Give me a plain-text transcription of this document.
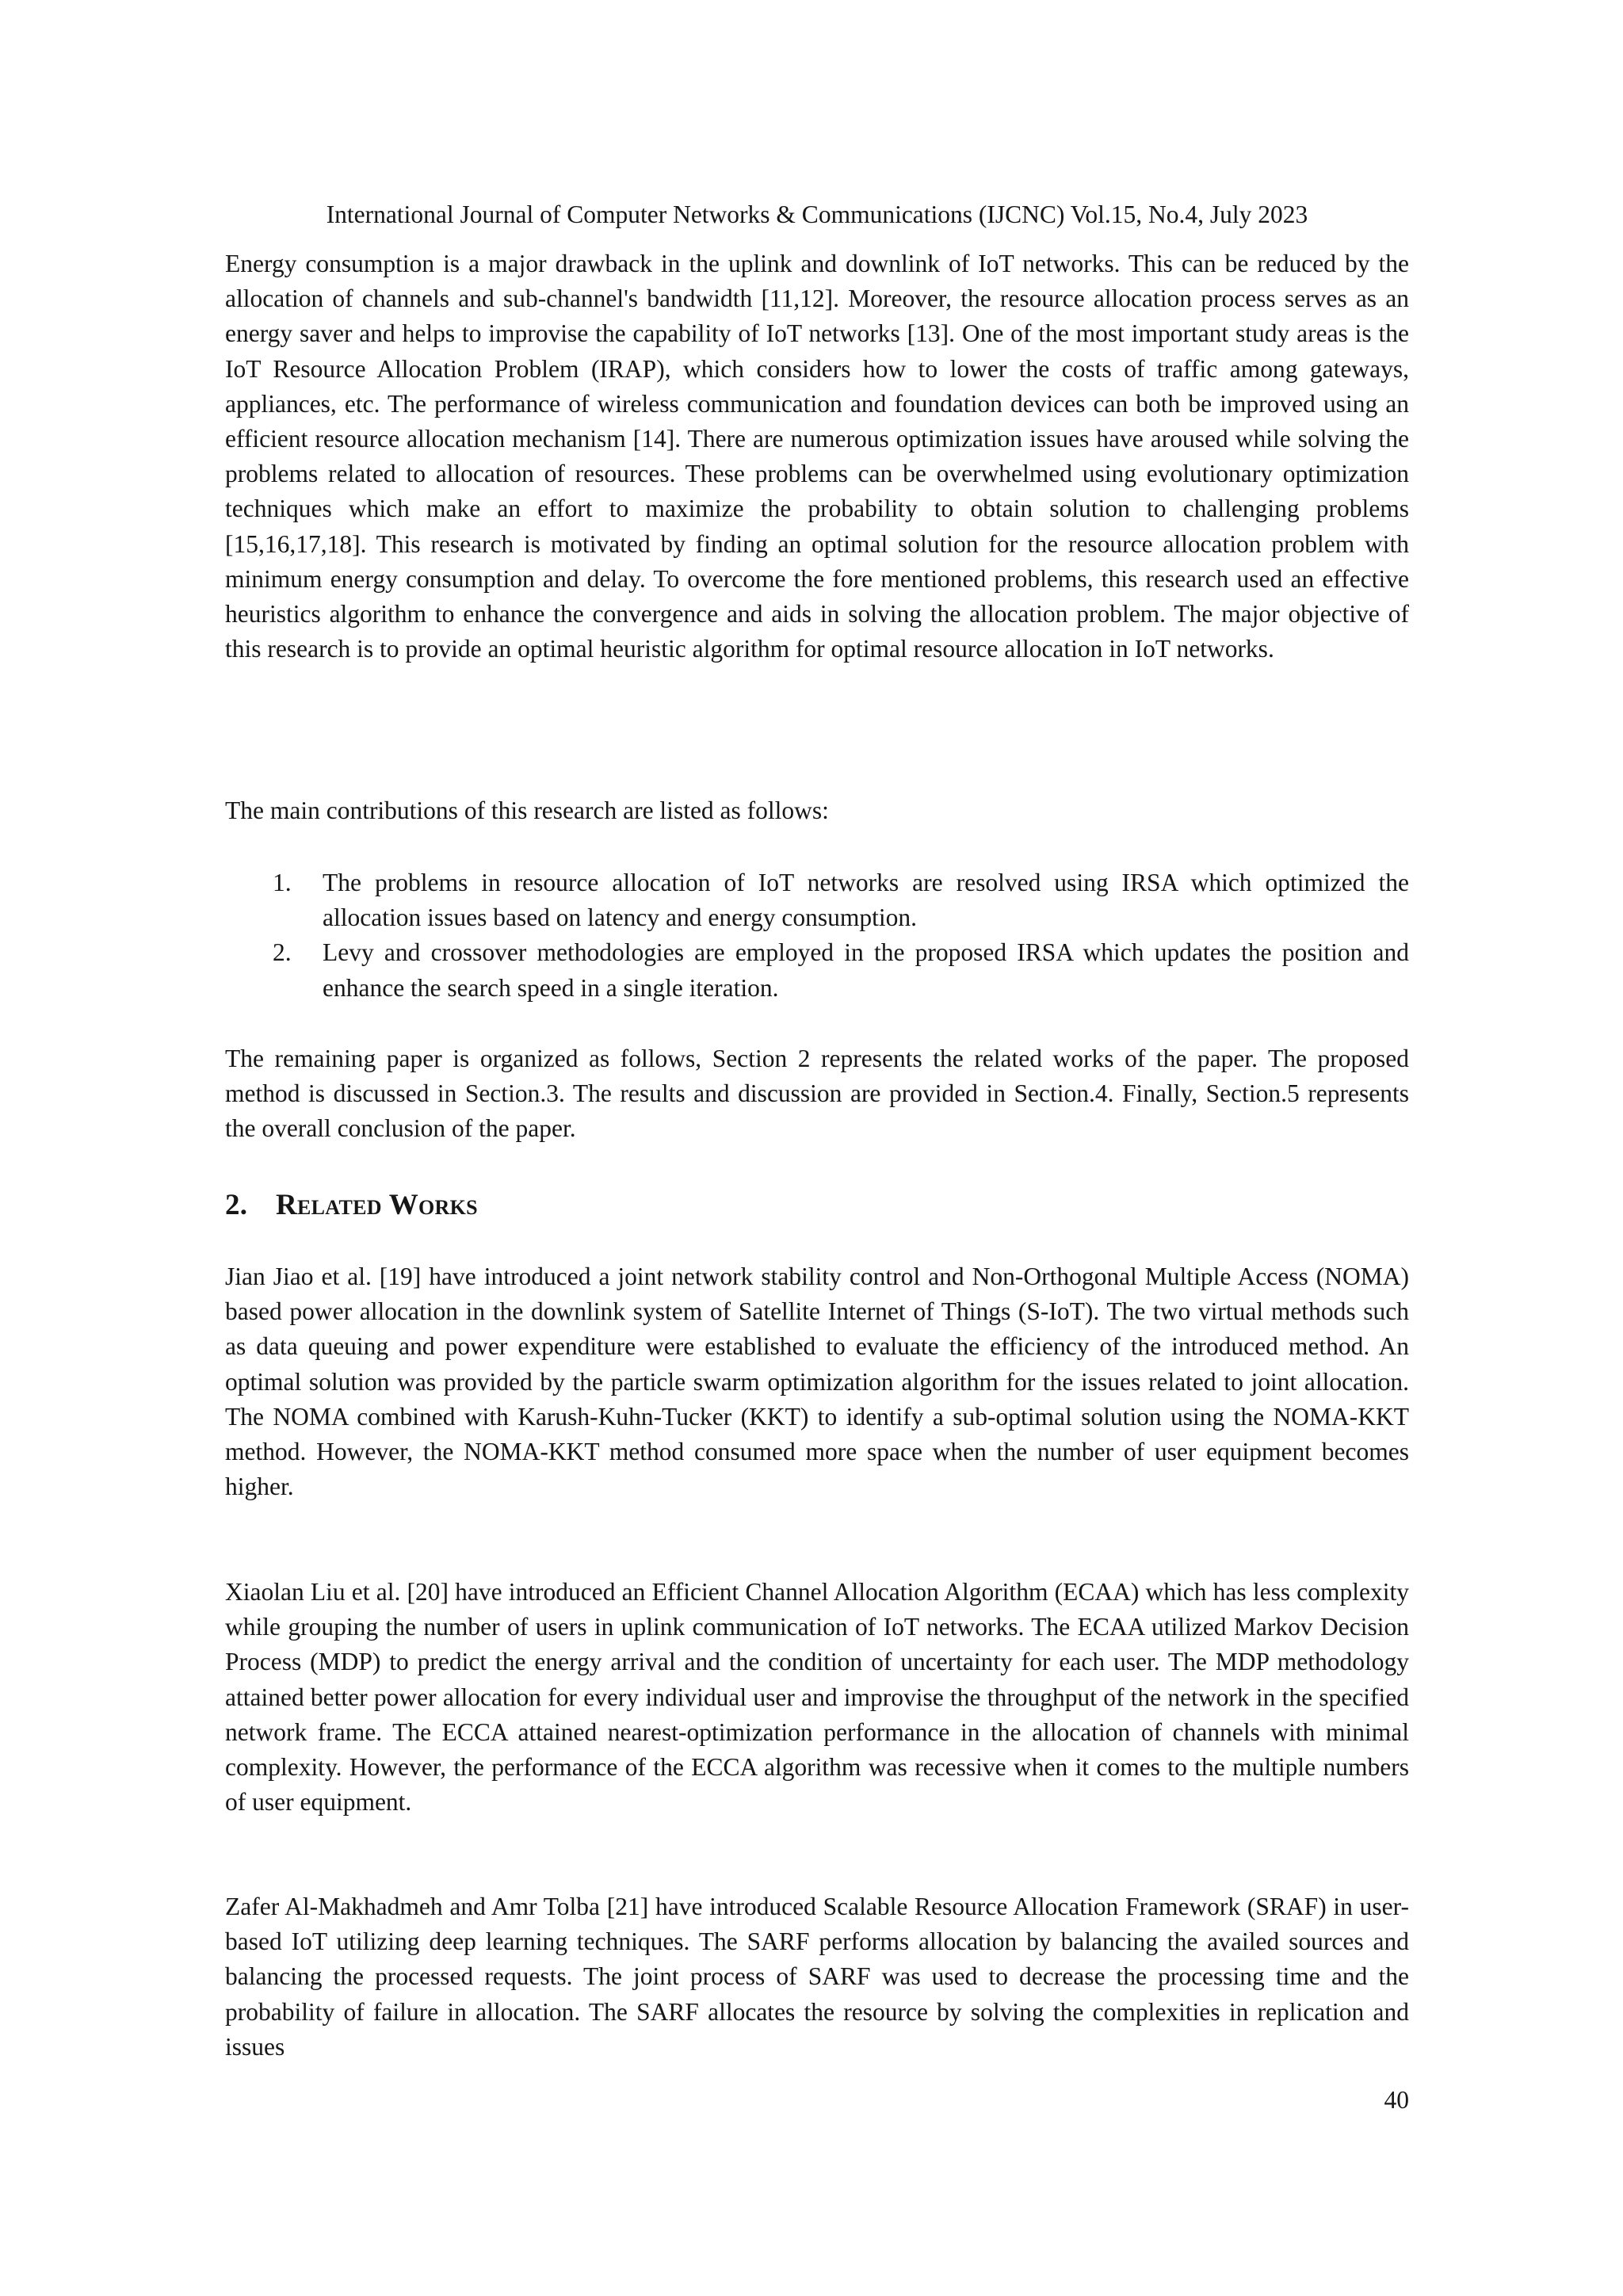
International Journal of Computer Networks & Communications (IJCNC) Vol.15, No.4, July 2023

Energy consumption is a major drawback in the uplink and downlink of IoT networks. This can be reduced by the allocation of channels and sub-channel's bandwidth [11,12]. Moreover, the resource allocation process serves as an energy saver and helps to improvise the capability of IoT networks [13]. One of the most important study areas is the IoT Resource Allocation Problem (IRAP), which considers how to lower the costs of traffic among gateways, appliances, etc. The performance of wireless communication and foundation devices can both be improved using an efficient resource allocation mechanism [14]. There are numerous optimization issues have aroused while solving the problems related to allocation of resources. These problems can be overwhelmed using evolutionary optimization techniques which make an effort to maximize the probability to obtain solution to challenging problems [15,16,17,18]. This research is motivated by finding an optimal solution for the resource allocation problem with minimum energy consumption and delay. To overcome the fore mentioned problems, this research used an effective heuristics algorithm to enhance the convergence and aids in solving the allocation problem. The major objective of this research is to provide an optimal heuristic algorithm for optimal resource allocation in IoT networks.

The main contributions of this research are listed as follows:

1. The problems in resource allocation of IoT networks are resolved using IRSA which optimized the allocation issues based on latency and energy consumption.
2. Levy and crossover methodologies are employed in the proposed IRSA which updates the position and enhance the search speed in a single iteration.

The remaining paper is organized as follows, Section 2 represents the related works of the paper. The proposed method is discussed in Section.3. The results and discussion are provided in Section.4. Finally, Section.5 represents the overall conclusion of the paper.

2. Related Works

Jian Jiao et al. [19] have introduced a joint network stability control and Non-Orthogonal Multiple Access (NOMA) based power allocation in the downlink system of Satellite Internet of Things (S-IoT). The two virtual methods such as data queuing and power expenditure were established to evaluate the efficiency of the introduced method. An optimal solution was provided by the particle swarm optimization algorithm for the issues related to joint allocation. The NOMA combined with Karush-Kuhn-Tucker (KKT) to identify a sub-optimal solution using the NOMA-KKT method. However, the NOMA-KKT method consumed more space when the number of user equipment becomes higher.

Xiaolan Liu et al. [20] have introduced an Efficient Channel Allocation Algorithm (ECAA) which has less complexity while grouping the number of users in uplink communication of IoT networks. The ECAA utilized Markov Decision Process (MDP) to predict the energy arrival and the condition of uncertainty for each user. The MDP methodology attained better power allocation for every individual user and improvise the throughput of the network in the specified network frame. The ECCA attained nearest-optimization performance in the allocation of channels with minimal complexity. However, the performance of the ECCA algorithm was recessive when it comes to the multiple numbers of user equipment.

Zafer Al-Makhadmeh and Amr Tolba [21] have introduced Scalable Resource Allocation Framework (SRAF) in user-based IoT utilizing deep learning techniques. The SARF performs allocation by balancing the availed sources and balancing the processed requests. The joint process of SARF was used to decrease the processing time and the probability of failure in allocation. The SARF allocates the resource by solving the complexities in replication and issues

40
